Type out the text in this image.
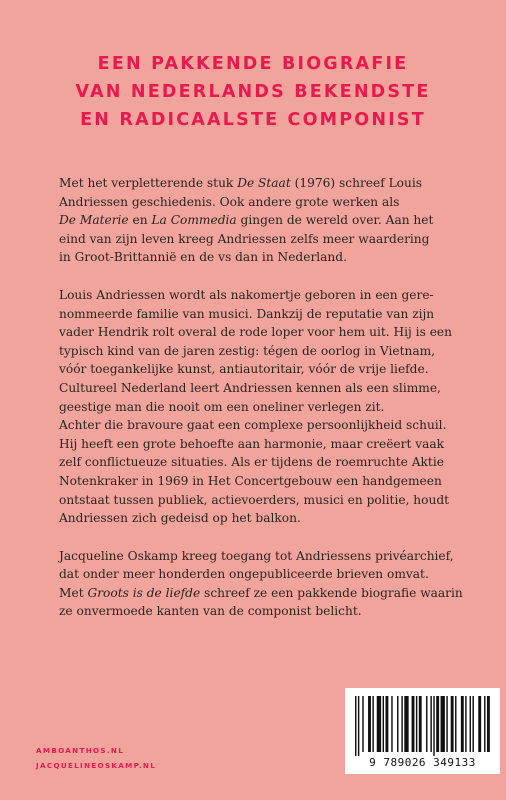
EEN PAKKENDE BIOGRAFIE
VAN NEDERLANDS BEKENDSTE
EN RADICAALSTE COMPONIST

Met het verpletterende stuk De Staat (1976) schreef Louis
Andriessen geschiedenis. Ook andere grote werken als
De Materie en La Commedia gingen de wereld over. Aan het
eind van zijn leven kreeg Andriessen zelfs meer waardering
in Groot-Brittannië en de vs dan in Nederland.

Louis Andriessen wordt als nakomertje geboren in een gere-
nommeerde familie van musici. Dankzij de reputatie van zijn
vader Hendrik rolt overal de rode loper voor hem uit. Hij is een
typisch kind van de jaren zestig: tégen de oorlog in Vietnam,
vóór toegankelijke kunst, antiautoritair, vóór de vrije liefde.
Cultureel Nederland leert Andriessen kennen als een slimme,
geestige man die nooit om een oneliner verlegen zit.
Achter die bravoure gaat een complexe persoonlijkheid schuil.
Hij heeft een grote behoefte aan harmonie, maar creëert vaak
zelf conflictueuze situaties. Als er tijdens de roemruchte Aktie
Notenkraker in 1969 in Het Concertgebouw een handgemeen
ontstaat tussen publiek, actievoerders, musici en politie, houdt
Andriessen zich gedeisd op het balkon.

Jacqueline Oskamp kreeg toegang tot Andriessens privéarchief,
dat onder meer honderden ongepubliceerde brieven omvat.
Met Groots is de liefde schreef ze een pakkende biografie waarin
ze onvermoede kanten van de componist belicht.

AMBOANTHOS.NL
JACQUELINEOSKAMP.NL	9 789026 349133
